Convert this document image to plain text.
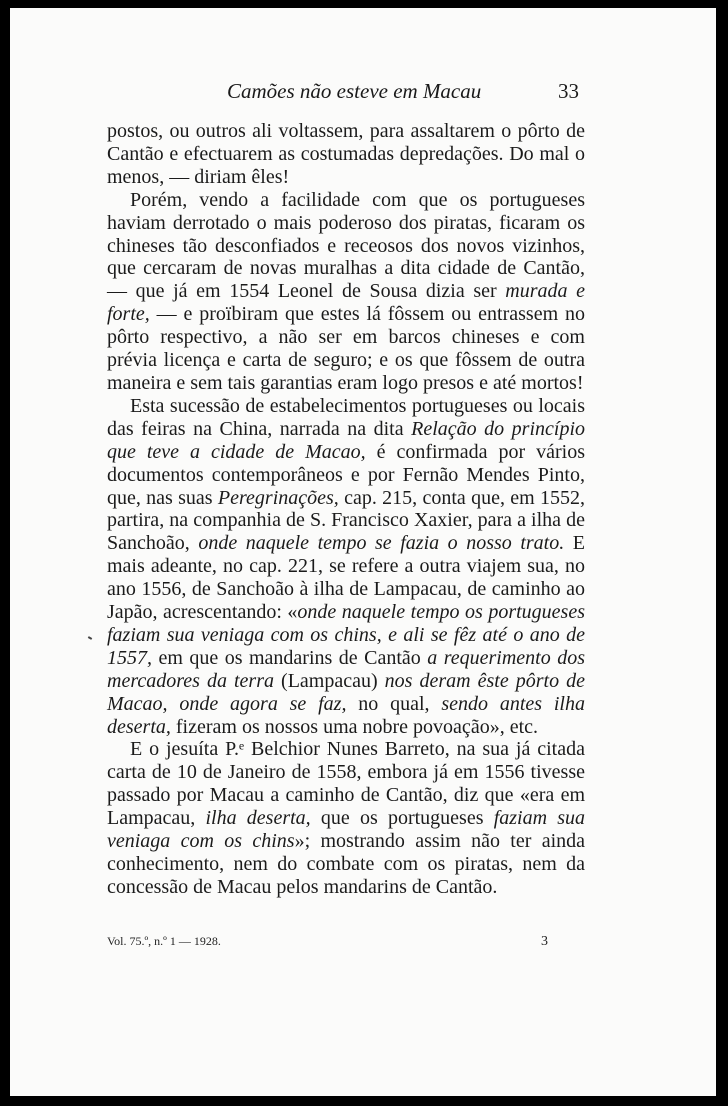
Camões não esteve em Macau	33

postos, ou outros ali voltassem, para assaltarem o pôrto de Cantão e efectuarem as costumadas depredações. Do mal o menos, — diriam êles!

Porém, vendo a facilidade com que os portugueses haviam derrotado o mais poderoso dos piratas, ficaram os chineses tão desconfiados e receosos dos novos vizinhos, que cercaram de novas muralhas a dita cidade de Cantão, — que já em 1554 Leonel de Sousa dizia ser murada e forte, — e proïbiram que estes lá fôssem ou entrassem no pôrto respectivo, a não ser em barcos chineses e com prévia licença e carta de seguro; e os que fôssem de outra maneira e sem tais garantias eram logo presos e até mortos!

Esta sucessão de estabelecimentos portugueses ou locais das feiras na China, narrada na dita Relação do princípio que teve a cidade de Macao, é confirmada por vários documentos contemporâneos e por Fernão Mendes Pinto, que, nas suas Peregrinações, cap. 215, conta que, em 1552, partira, na companhia de S. Francisco Xaxier, para a ilha de Sanchoão, onde naquele tempo se fazia o nosso trato. E mais adeante, no cap. 221, se refere a outra viajem sua, no ano 1556, de Sanchoão à ilha de Lampacau, de caminho ao Japão, acrescentando: «onde naquele tempo os portugueses faziam sua veniaga com os chins, e ali se fêz até o ano de 1557, em que os mandarins de Cantão a requerimento dos mercadores da terra (Lampacau) nos deram êste pôrto de Macao, onde agora se faz, no qual, sendo antes ilha deserta, fizeram os nossos uma nobre povoação», etc.

E o jesuíta P.ᵉ Belchior Nunes Barreto, na sua já citada carta de 10 de Janeiro de 1558, embora já em 1556 tivesse passado por Macau a caminho de Cantão, diz que «era em Lampacau, ilha deserta, que os portugueses faziam sua veniaga com os chins»; mostrando assim não ter ainda conhecimento, nem do combate com os piratas, nem da concessão de Macau pelos mandarins de Cantão.

Vol. 75.º, n.º 1 — 1928.	3
